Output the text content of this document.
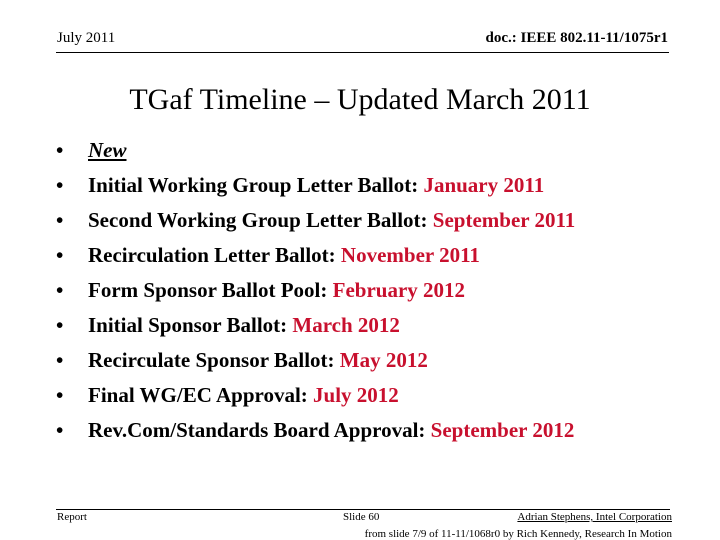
July 2011	doc.: IEEE 802.11-11/1075r1
TGaf Timeline – Updated March 2011
•	New
•	Initial Working Group Letter Ballot: January 2011
•	Second Working Group Letter Ballot: September 2011
•	Recirculation Letter Ballot: November 2011
•	Form Sponsor Ballot Pool: February 2012
•	Initial Sponsor Ballot: March 2012
•	Recirculate Sponsor Ballot: May 2012
•	Final WG/EC Approval: July 2012
•	Rev.Com/Standards Board Approval: September 2012
Report	Slide 60	Adrian Stephens, Intel Corporation
from slide 7/9 of 11-11/1068r0 by Rich Kennedy, Research In Motion
